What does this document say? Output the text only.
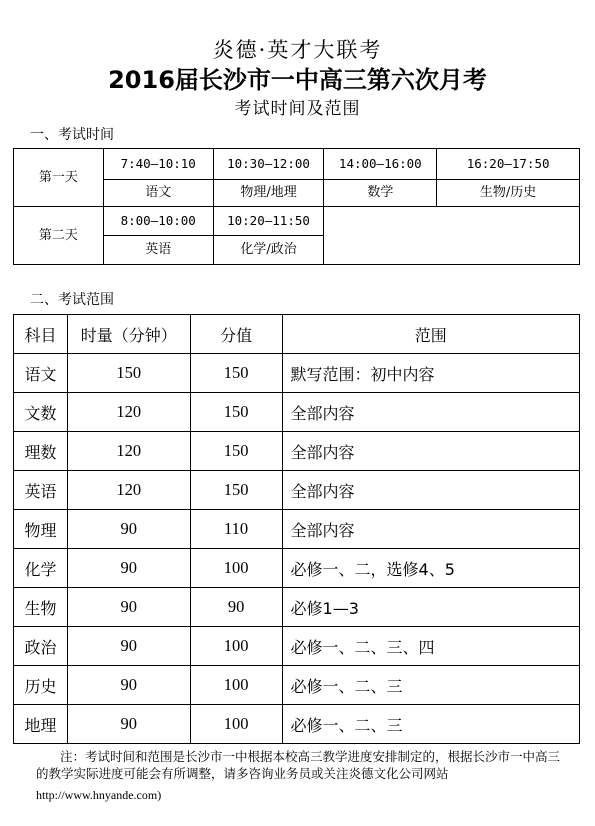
炎德·英才大联考
2016届长沙市一中高三第六次月考
考试时间及范围
一、考试时间
第一天	7:40—10:10	10:30—12:00	14:00—16:00	16:20—17:50
	语文	物理/地理	数学	生物/历史
第二天	8:00—10:00	10:20—11:50		
	英语	化学/政治		
二、考试范围
科目	时量（分钟）	分值	范围
语文	150	150	默写范围：初中内容
文数	120	150	全部内容
理数	120	150	全部内容
英语	120	150	全部内容
物理	90	110	全部内容
化学	90	100	必修一、二，选修4、5
生物	90	90	必修1—3
政治	90	100	必修一、二、三、四
历史	90	100	必修一、二、三
地理	90	100	必修一、二、三
注：考试时间和范围是长沙市一中根据本校高三教学进度安排制定的，根据长沙市一中高三的教学实际进度可能会有所调整，请多咨询业务员或关注炎德文化公司网站
http://www.hnyande.com)
